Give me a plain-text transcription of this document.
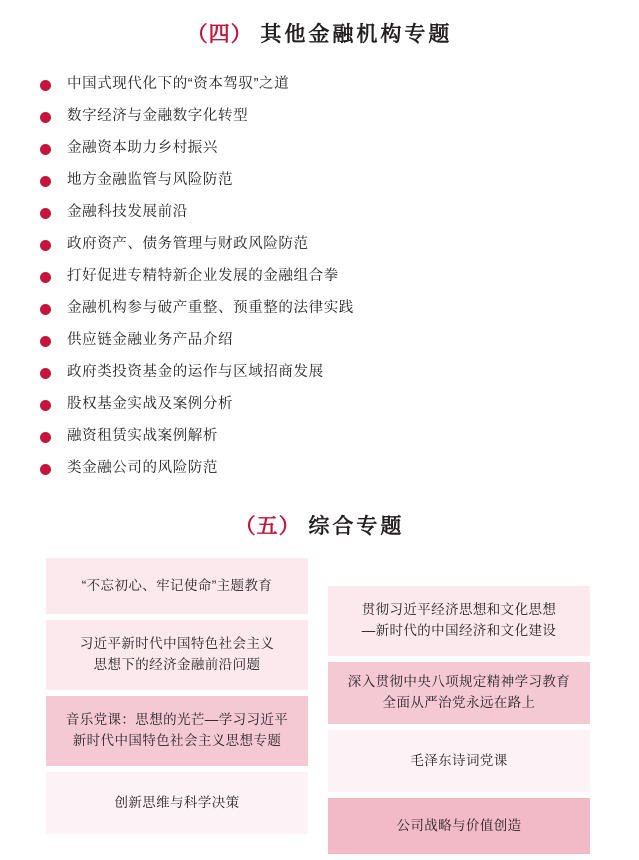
（四） 其他金融机构专题
中国式现代化下的“资本驾驭”之道
数字经济与金融数字化转型
金融资本助力乡村振兴
地方金融监管与风险防范
金融科技发展前沿
政府资产、债务管理与财政风险防范
打好促进专精特新企业发展的金融组合拳
金融机构参与破产重整、预重整的法律实践
供应链金融业务产品介绍
政府类投资基金的运作与区域招商发展
股权基金实战及案例分析
融资租赁实战案例解析
类金融公司的风险防范
（五） 综合专题
“不忘初心、牢记使命”主题教育
习近平新时代中国特色社会主义
思想下的经济金融前沿问题
音乐党课：思想的光芒—学习习近平
新时代中国特色社会主义思想专题
创新思维与科学决策
贯彻习近平经济思想和文化思想
—新时代的中国经济和文化建设
深入贯彻中央八项规定精神学习教育
全面从严治党永远在路上
毛泽东诗词党课
公司战略与价值创造
